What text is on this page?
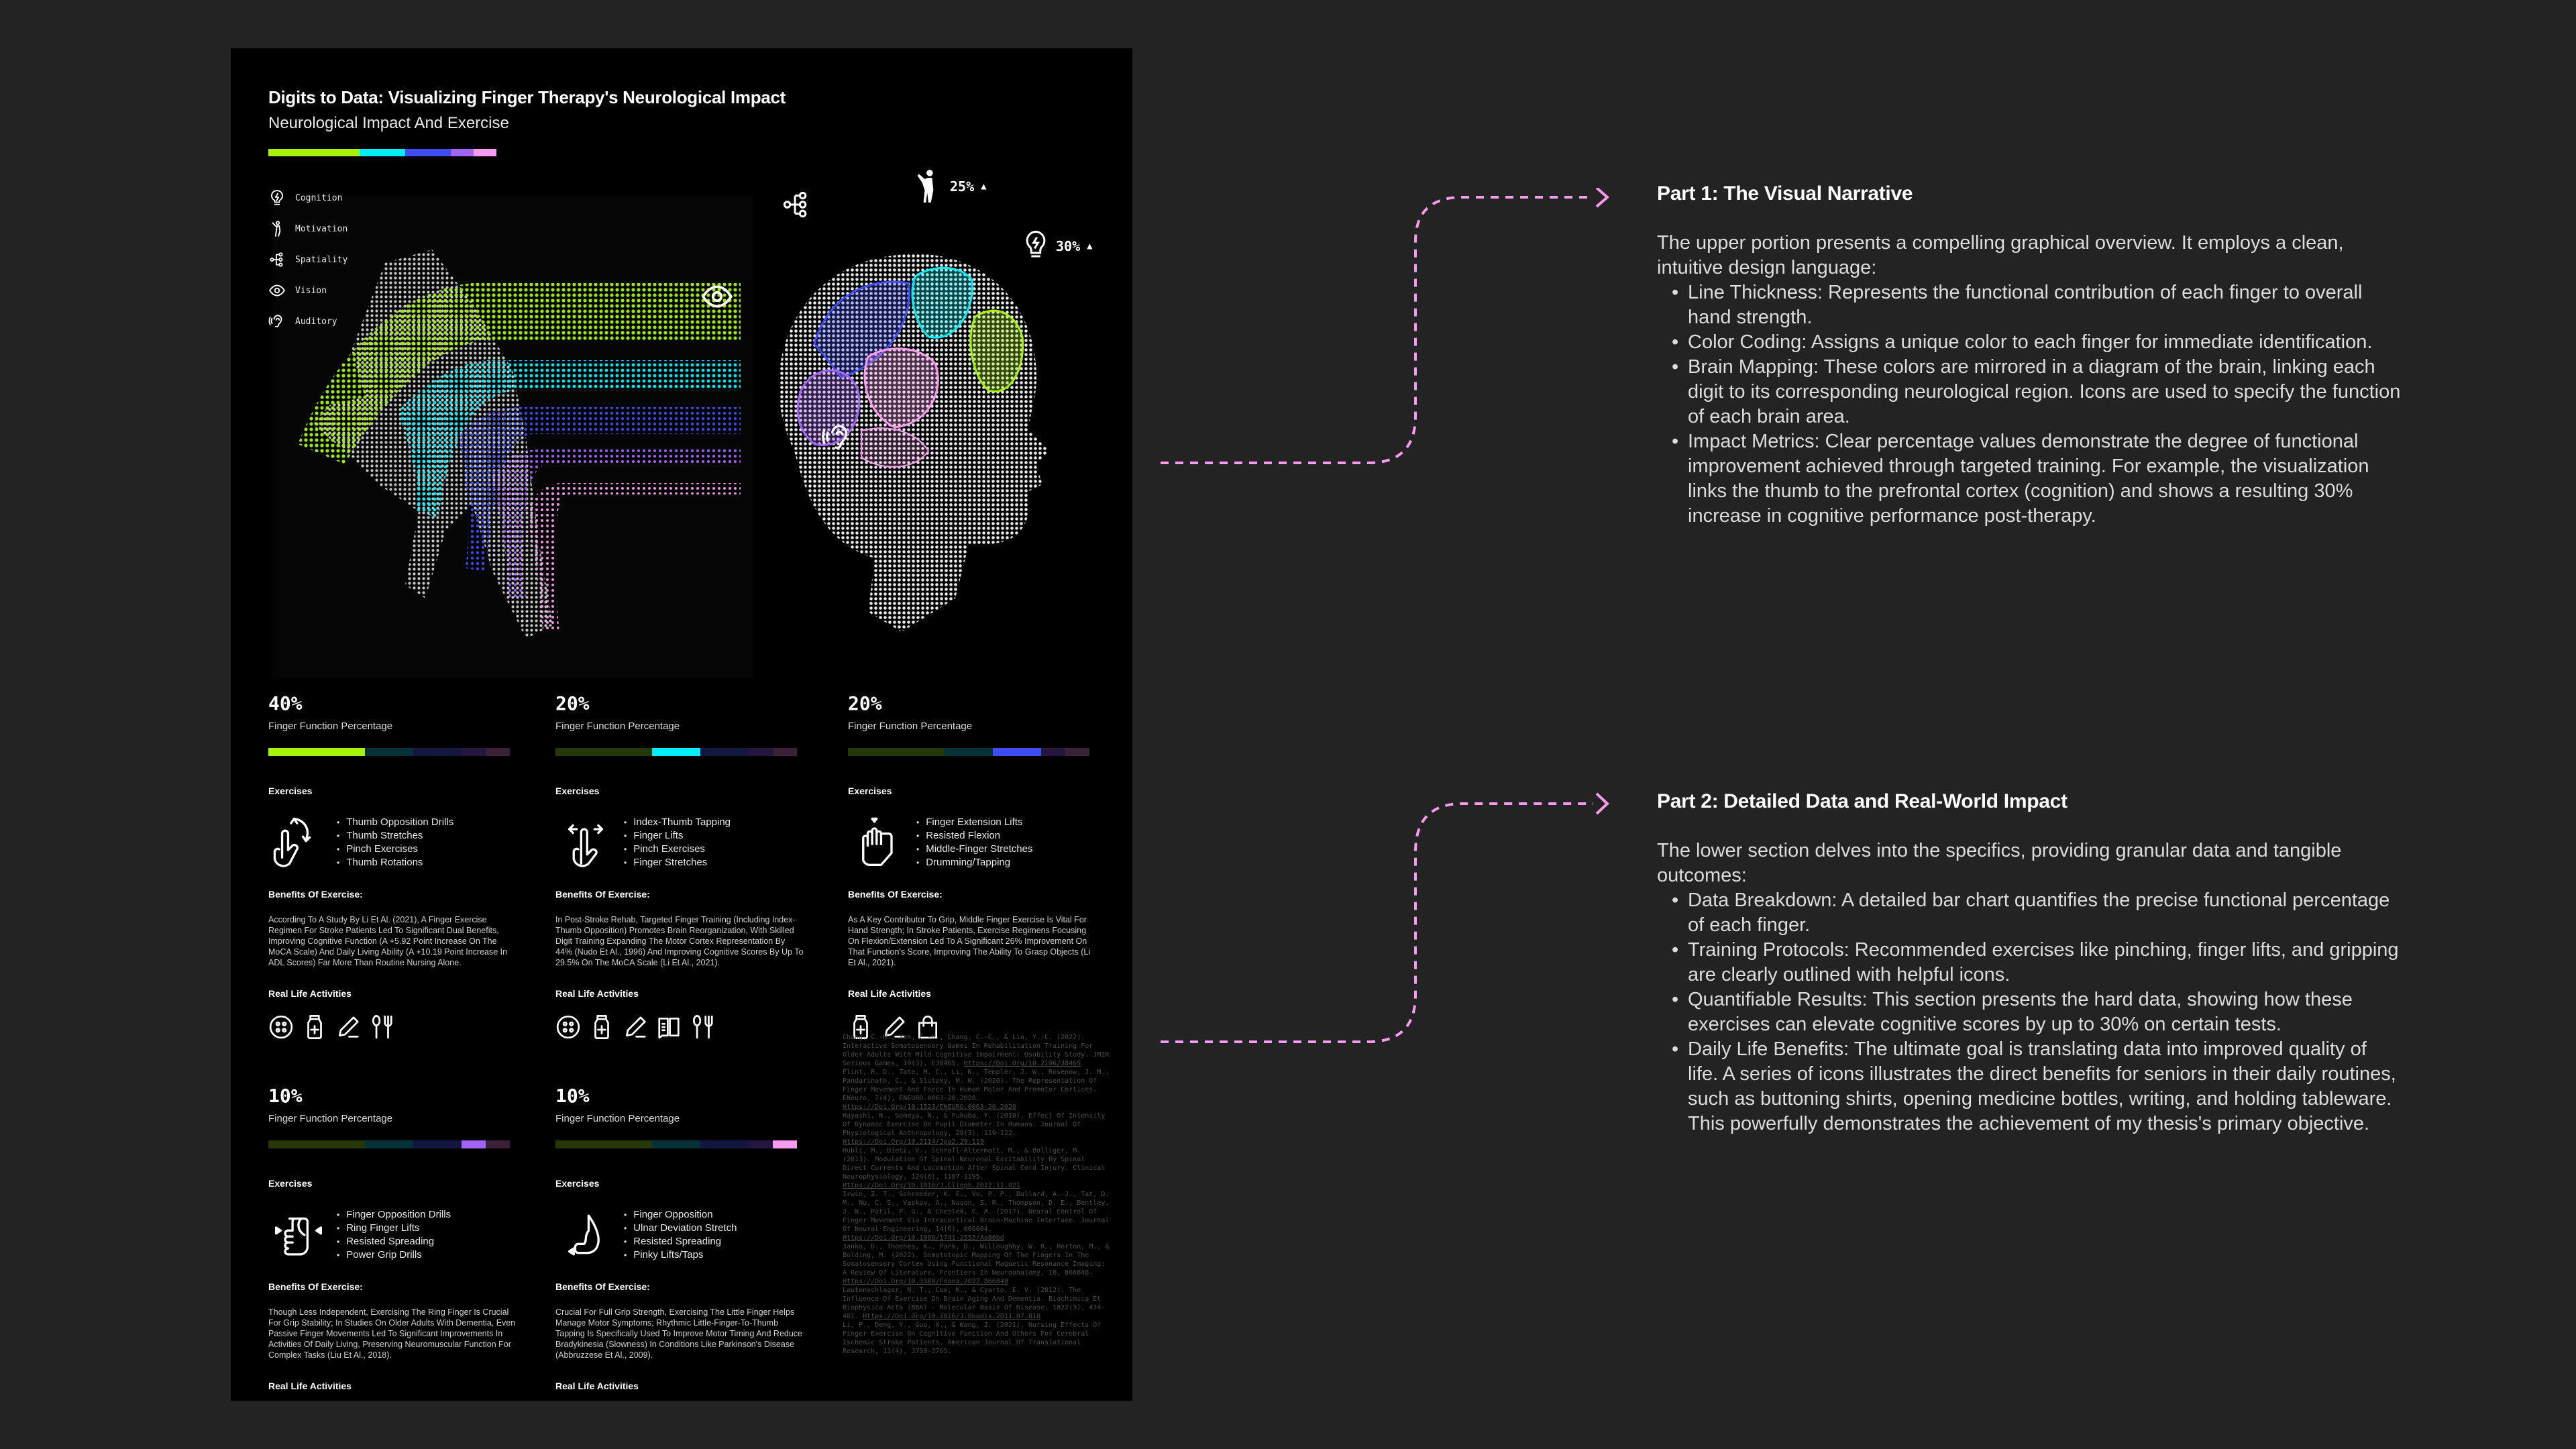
Digits to Data: Visualizing Finger Therapy's Neurological Impact
Neurological Impact And Exercise
Cognition
Motivation
Spatiality
Vision
Auditory
25% ▲
30% ▲
40%
Finger Function Percentage
Exercises
• Thumb Opposition Drills
• Thumb Stretches
• Pinch Exercises
• Thumb Rotations
Benefits Of Exercise:
According To A Study By Li Et Al. (2021), A Finger Exercise Regimen For Stroke Patients Led To Significant Dual Benefits, Improving Cognitive Function (A +5.92 Point Increase On The MoCA Scale) And Daily Living Ability (A +10.19 Point Increase In ADL Scores) Far More Than Routine Nursing Alone.
Real Life Activities
20%
Finger Function Percentage
Exercises
• Index-Thumb Tapping
• Finger Lifts
• Pinch Exercises
• Finger Stretches
Benefits Of Exercise:
In Post-Stroke Rehab, Targeted Finger Training (Including Index-Thumb Opposition) Promotes Brain Reorganization, With Skilled Digit Training Expanding The Motor Cortex Representation By 44% (Nudo Et Al., 1996) And Improving Cognitive Scores By Up To 29.5% On The MoCA Scale (Li Et Al., 2021).
Real Life Activities
20%
Finger Function Percentage
Exercises
• Finger Extension Lifts
• Resisted Flexion
• Middle-Finger Stretches
• Drumming/Tapping
Benefits Of Exercise:
As A Key Contributor To Grip, Middle Finger Exercise Is Vital For Hand Strength; In Stroke Patients, Exercise Regimens Focusing On Flexion/Extension Led To A Significant 26% Improvement On That Function's Score, Improving The Ability To Grasp Objects (Li Et Al., 2021).
Real Life Activities
10%
Finger Function Percentage
Exercises
• Finger Opposition Drills
• Ring Finger Lifts
• Resisted Spreading
• Power Grip Drills
Benefits Of Exercise:
Though Less Independent, Exercising The Ring Finger Is Crucial For Grip Stability; In Studies On Older Adults With Dementia, Even Passive Finger Movements Led To Significant Improvements In Activities Of Daily Living, Preserving Neuromuscular Function For Complex Tasks (Liu Et Al., 2018).
Real Life Activities
10%
Finger Function Percentage
Exercises
• Finger Opposition
• Ulnar Deviation Stretch
• Resisted Spreading
• Pinky Lifts/Taps
Benefits Of Exercise:
Crucial For Full Grip Strength, Exercising The Little Finger Helps Manage Motor Symptoms; Rhythmic Little-Finger-To-Thumb Tapping Is Specifically Used To Improve Motor Timing And Reduce Bradykinesia (Slowness) In Conditions Like Parkinson's Disease (Abbruzzese Et Al., 2009).
Real Life Activities
Chang, C.-H., Yeh, C.-H., Chang, C.-C., & Lin, Y.-C. (2022). Interactive Somatosensory Games In Rehabilitation Training For Older Adults With Mild Cognitive Impairment: Usability Study. JMIR Serious Games, 10(3), E38465. Https://Doi.Org/10.2196/38465
Flint, R. D., Tate, M. C., Li, K., Templer, J. W., Rosenow, J. M., Pandarinath, C., & Slutzky, M. W. (2020). The Representation Of Finger Movement And Force In Human Motor And Premotor Cortices. ENeuro, 7(4), ENEURO.0063-20.2020. Https://Doi.Org/10.1523/ENEURO.0063-20.2020
Hayashi, N., Someya, N., & Fukuba, Y. (2010). Effect Of Intensity Of Dynamic Exercise On Pupil Diameter In Humans. Journal Of Physiological Anthropology, 29(3), 119-122. Https://Doi.Org/10.2114/Jpa2.29.119
Hubli, M., Dietz, V., Schrafl-Altermatt, M., & Bolliger, M. (2013). Modulation Of Spinal Neuronal Excitability By Spinal Direct Currents And Locomotion After Spinal Cord Injury. Clinical Neurophysiology, 124(6), 1187-1195. Https://Doi.Org/10.1016/J.Clinph.2012.11.021
Irwin, Z. T., Schroeder, K. E., Vu, P. P., Bullard, A. J., Tat, D. M., Nu, C. S., Vaskov, A., Nason, S. R., Thompson, D. E., Bentley, J. N., Patil, P. G., & Chestek, C. A. (2017). Neural Control Of Finger Movement Via Intracortical Brain-Machine Interface. Journal Of Neural Engineering, 14(6), 066004. Https://Doi.Org/10.1088/1741-2552/Aa80bd
Janko, D., Thoenes, K., Park, D., Willoughby, W. R., Horton, M., & Bolding, M. (2022). Somatotopic Mapping Of The Fingers In The Somatosensory Cortex Using Functional Magnetic Resonance Imaging: A Review Of Literature. Frontiers In Neuroanatomy, 16, 866848. Https://Doi.Org/10.3389/Fnana.2022.866848
Lautenschlager, N. T., Cox, K., & Cyarto, E. V. (2012). The Influence Of Exercise On Brain Aging And Dementia. Biochimica Et Biophysica Acta (BBA) - Molecular Basis Of Disease, 1822(3), 474-481. Https://Doi.Org/10.1016/J.Bbadis.2011.07.010
Li, P., Deng, Y., Guo, X., & Wang, J. (2021). Nursing Effects Of Finger Exercise On Cognitive Function And Others For Cerebral Ischemic Stroke Patients. American Journal Of Translational Research, 13(4), 3759-3765.

Part 1: The Visual Narrative

The upper portion presents a compelling graphical overview. It employs a clean, intuitive design language:

• Line Thickness: Represents the functional contribution of each finger to overall hand strength.
• Color Coding: Assigns a unique color to each finger for immediate identification.
• Brain Mapping: These colors are mirrored in a diagram of the brain, linking each digit to its corresponding neurological region. Icons are used to specify the function of each brain area.
• Impact Metrics: Clear percentage values demonstrate the degree of functional improvement achieved through targeted training. For example, the visualization links the thumb to the prefrontal cortex (cognition) and shows a resulting 30% increase in cognitive performance post-therapy.
Part 2: Detailed Data and Real-World Impact

The lower section delves into the specifics, providing granular data and tangible outcomes:

• Data Breakdown: A detailed bar chart quantifies the precise functional percentage of each finger.
• Training Protocols: Recommended exercises like pinching, finger lifts, and gripping are clearly outlined with helpful icons.
• Quantifiable Results: This section presents the hard data, showing how these exercises can elevate cognitive scores by up to 30% on certain tests.
• Daily Life Benefits: The ultimate goal is translating data into improved quality of life. A series of icons illustrates the direct benefits for seniors in their daily routines, such as buttoning shirts, opening medicine bottles, writing, and holding tableware. This powerfully demonstrates the achievement of my thesis's primary objective.
